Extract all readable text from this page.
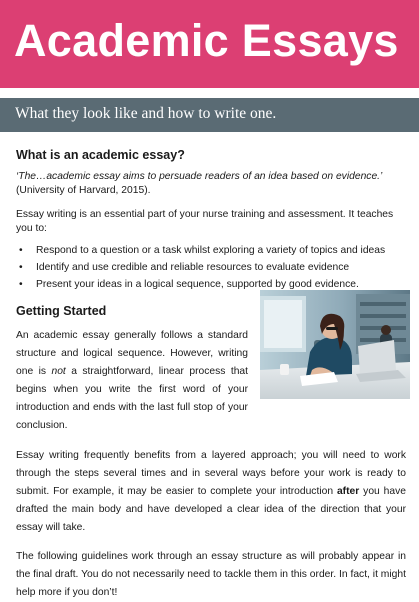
Academic Essays
What they look like and how to write one.
What is an academic essay?

‘The…academic essay aims to persuade readers of an idea based on evidence.’
(University of Harvard, 2015).

Essay writing is an essential part of your nurse training and assessment. It teaches you to:

• Respond to a question or a task whilst exploring a variety of topics and ideas
• Identify and use credible and reliable resources to evaluate evidence
• Present your ideas in a logical sequence, supported by good evidence.
Getting Started

An academic essay generally follows a standard structure and logical sequence. However, writing one is not a straightforward, linear process that begins when you write the first word of your introduction and ends with the last full stop of your conclusion.

Essay writing frequently benefits from a layered approach; you will need to work through the steps several times and in several ways before your work is ready to submit. For example, it may be easier to complete your introduction after you have drafted the main body and have developed a clear idea of the direction that your essay will take.

The following guidelines work through an essay structure as will probably appear in the final draft. You do not necessarily need to tackle them in this order. In fact, it might help more if you don’t!
